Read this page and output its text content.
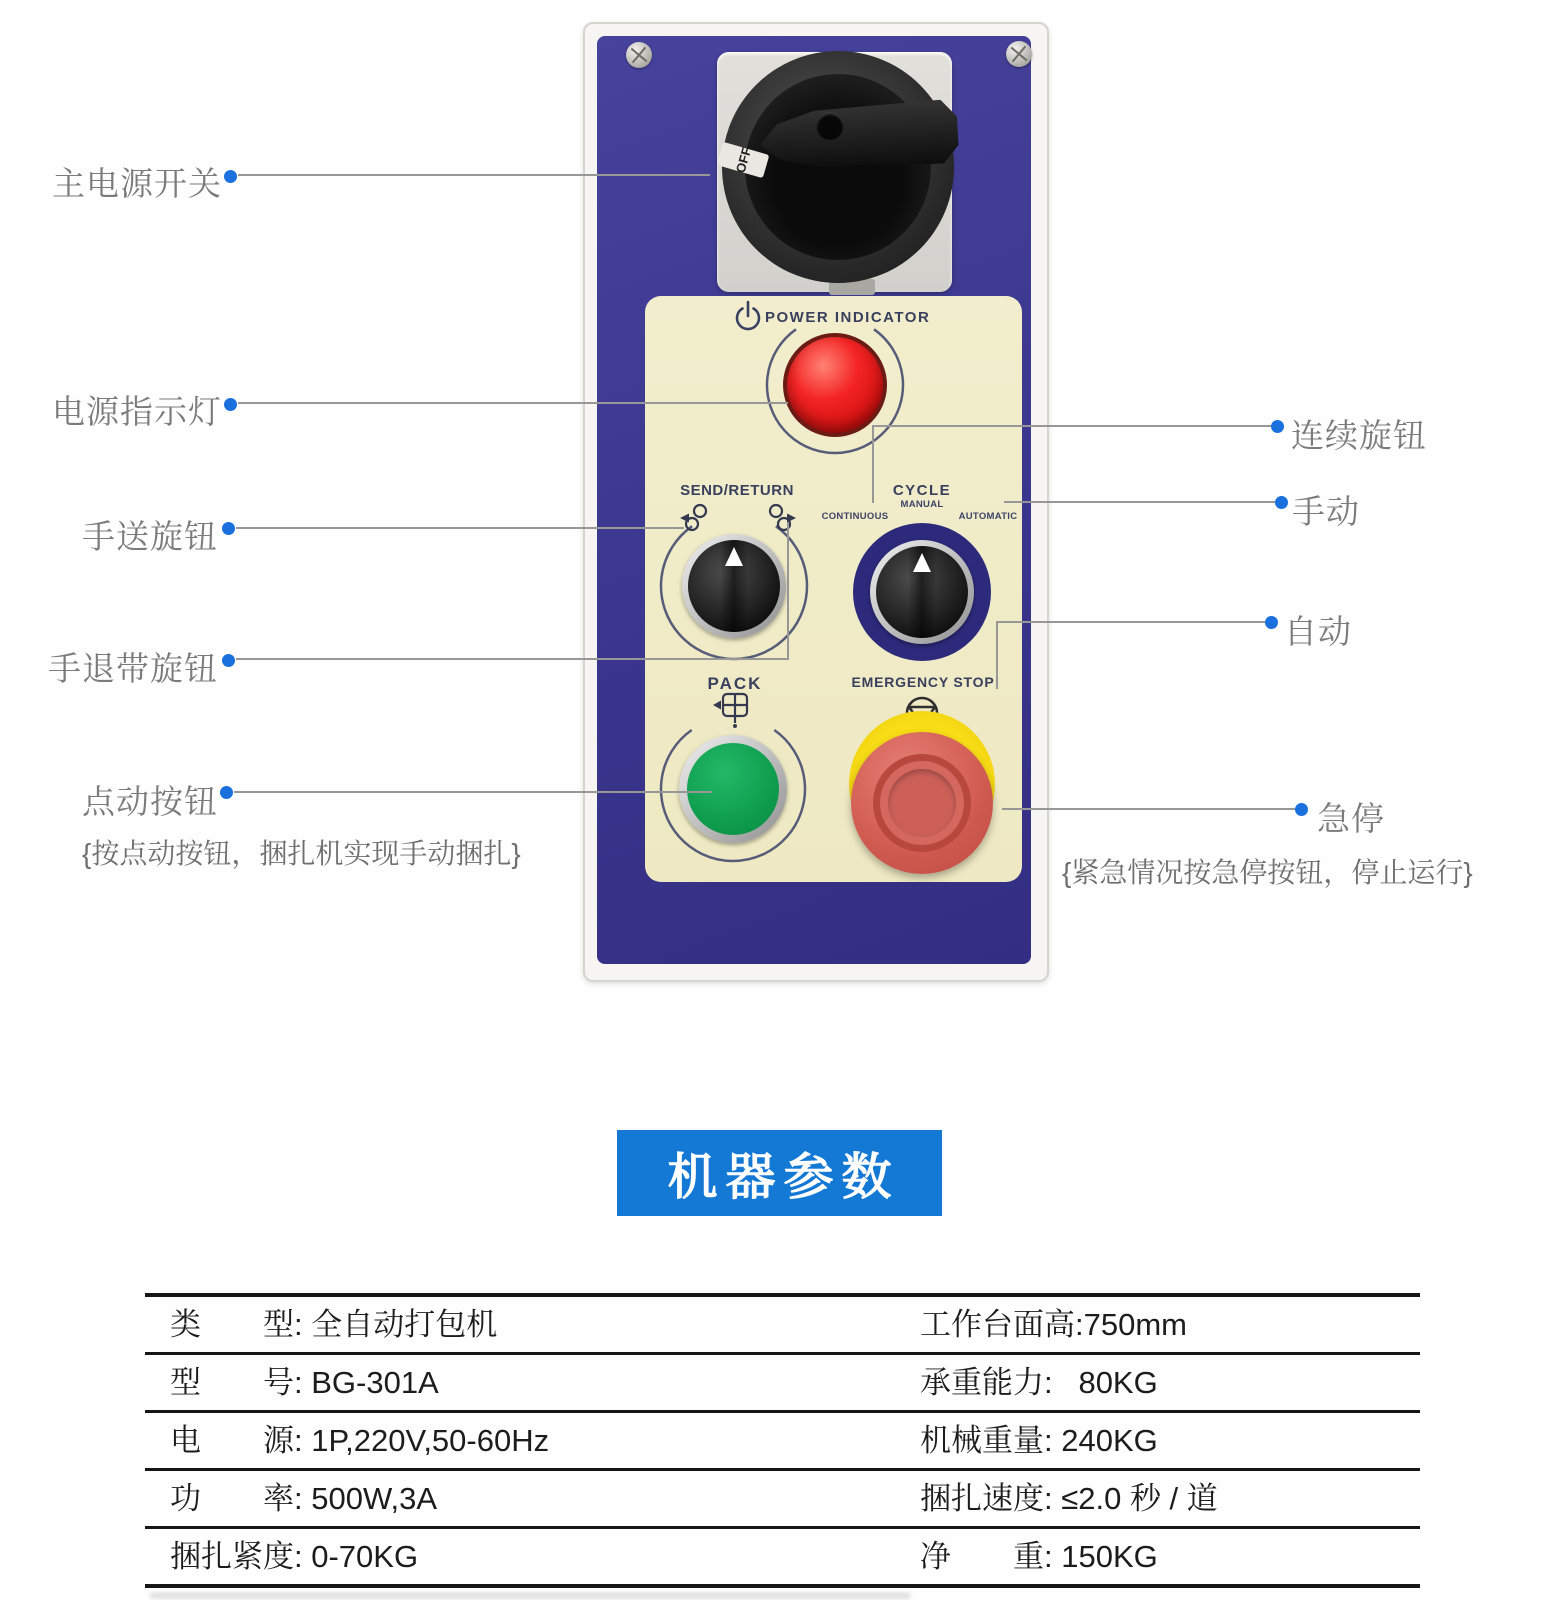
OFF
POWER INDICATOR
SEND/RETURN	CYCLE
MANUAL
CONTINUOUS	AUTOMATIC
PACK	EMERGENCY STOP
主电源开关
电源指示灯
手送旋钮
手退带旋钮
点动按钮
{按点动按钮，捆扎机实现手动捆扎}
连续旋钮
手动
自动
急停
{紧急情况按急停按钮，停止运行}
机器参数
类　　型: 全自动打包机	工作台面高:750mm
型　　号: BG-301A	承重能力:   80KG
电　　源: 1P,220V,50-60Hz	机械重量: 240KG
功　　率: 500W,3A	捆扎速度: ≤2.0 秒 / 道
捆扎紧度: 0-70KG	净　　重: 150KG
